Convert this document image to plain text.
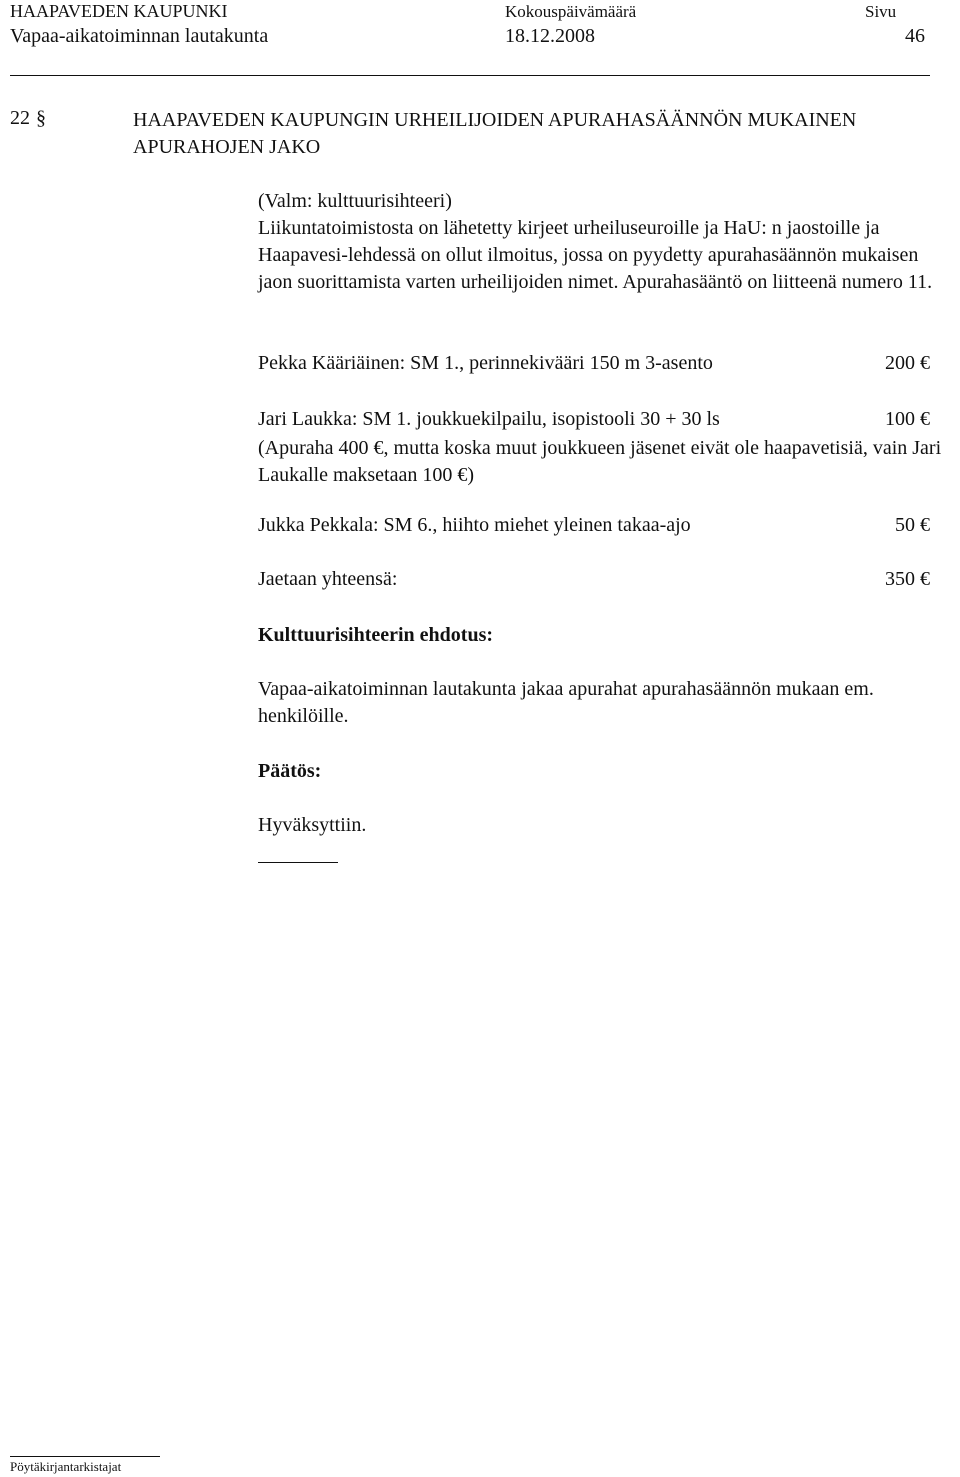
HAAPAVEDEN KAUPUNKI
Vapaa-aikatoiminnan lautakunta
Kokouspäivämäärä
18.12.2008
Sivu
46
22 §	HAAPAVEDEN KAUPUNGIN URHEILIJOIDEN APURAHASÄÄNNÖN MUKAINEN APURAHOJEN JAKO
(Valm: kulttuurisihteeri)
Liikuntatoimistosta on lähetetty kirjeet urheiluseuroille ja HaU: n jaostoille ja Haapavesi-lehdessä on ollut ilmoitus, jossa on pyydetty apurahasäännön mukaisen jaon suorittamista varten urheilijoiden nimet. Apurahasääntö on liitteenä numero 11.
Pekka Kääriäinen: SM 1., perinnekivääri 150 m 3-asento	200 €
Jari Laukka: SM 1. joukkuekilpailu, isopistooli 30 + 30 ls	100 €
(Apuraha 400 €, mutta koska muut joukkueen jäsenet eivät ole haapavetisiä, vain Jari Laukalle maksetaan 100 €)
Jukka Pekkala: SM 6., hiihto miehet yleinen takaa-ajo	50 €
Jaetaan yhteensä:	350 €
Kulttuurisihteerin ehdotus:
Vapaa-aikatoiminnan lautakunta jakaa apurahat apurahasäännön mukaan em. henkilöille.
Päätös:
Hyväksyttiin.
Pöytäkirjantarkistajat
